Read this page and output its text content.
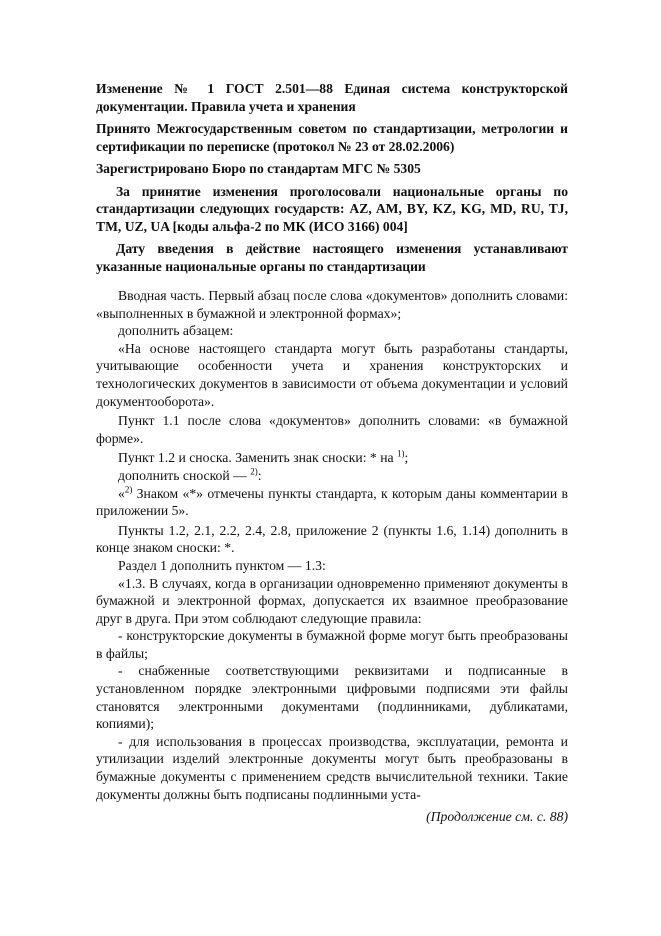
Изменение № 1 ГОСТ 2.501—88 Единая система конструкторской документации. Правила учета и хранения

Принято Межгосударственным советом по стандартизации, метрологии и сертификации по переписке (протокол № 23 от 28.02.2006)

Зарегистрировано Бюро по стандартам МГС № 5305

За принятие изменения проголосовали национальные органы по стандартизации следующих государств: AZ, AM, BY, KZ, KG, MD, RU, TJ, TM, UZ, UA [коды альфа-2 по МК (ИСО 3166) 004]

Дату введения в действие настоящего изменения устанавливают указанные национальные органы по стандартизации

Вводная часть. Первый абзац после слова «документов» дополнить словами: «выполненных в бумажной и электронной формах»;

дополнить абзацем:

«На основе настоящего стандарта могут быть разработаны стандарты, учитывающие особенности учета и хранения конструкторских и технологических документов в зависимости от объема документации и условий документооборота».

Пункт 1.1 после слова «документов» дополнить словами: «в бумажной форме».

Пункт 1.2 и сноска. Заменить знак сноски: * на $^{1)}$;

дополнить сноской — $^{2)}$:

«$^{2)}$ Знаком «*» отмечены пункты стандарта, к которым даны комментарии в приложении 5».

Пункты 1.2, 2.1, 2.2, 2.4, 2.8, приложение 2 (пункты 1.6, 1.14) дополнить в конце знаком сноски: *.

Раздел 1 дополнить пунктом — 1.3:

«1.3. В случаях, когда в организации одновременно применяют документы в бумажной и электронной формах, допускается их взаимное преобразование друг в друга. При этом соблюдают следующие правила:

- конструкторские документы в бумажной форме могут быть преобразованы в файлы;

- снабженные соответствующими реквизитами и подписанные в установленном порядке электронными цифровыми подписями эти файлы становятся электронными документами (подлинниками, дубликатами, копиями);

- для использования в процессах производства, эксплуатации, ремонта и утилизации изделий электронные документы могут быть преобразованы в бумажные документы с применением средств вычислительной техники. Такие документы должны быть подписаны подлинными уста-

(Продолжение см. с. 88)
